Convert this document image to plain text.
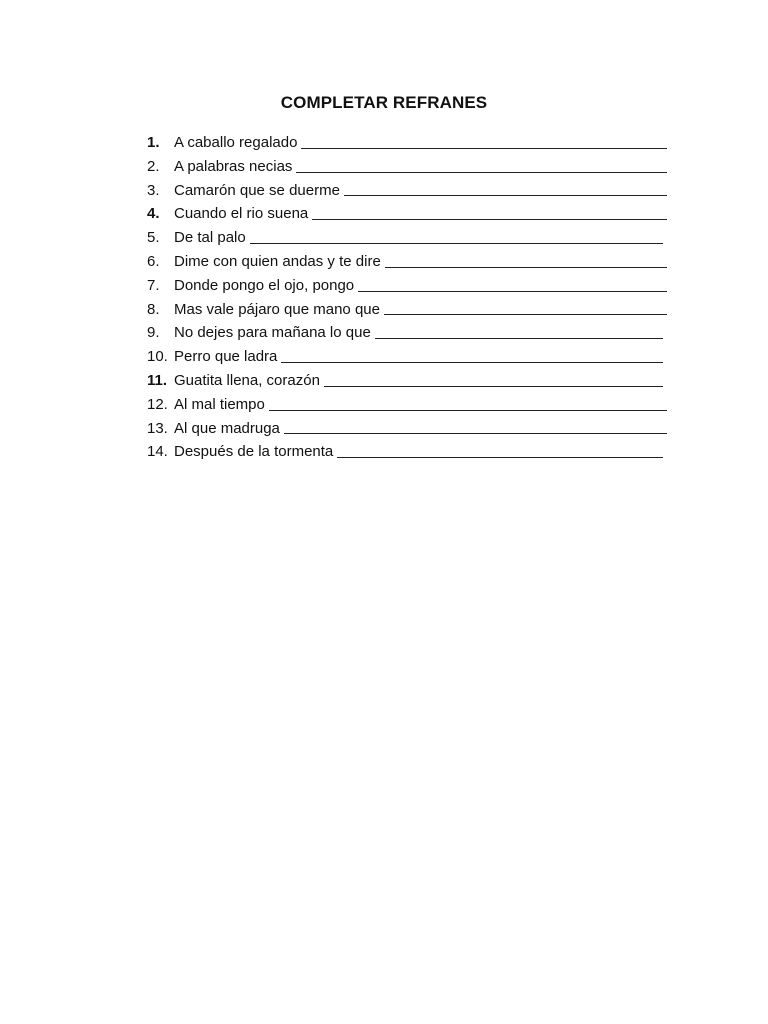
COMPLETAR REFRANES
1. A caballo regalado
2. A palabras necias
3. Camarón que se duerme
4. Cuando el rio suena
5. De tal palo
6. Dime con quien andas y te dire
7. Donde pongo el ojo, pongo
8. Mas vale pájaro que mano que
9. No dejes para mañana lo que
10. Perro que ladra
11. Guatita llena, corazón
12. Al mal tiempo
13. Al que madruga
14. Después de la tormenta
